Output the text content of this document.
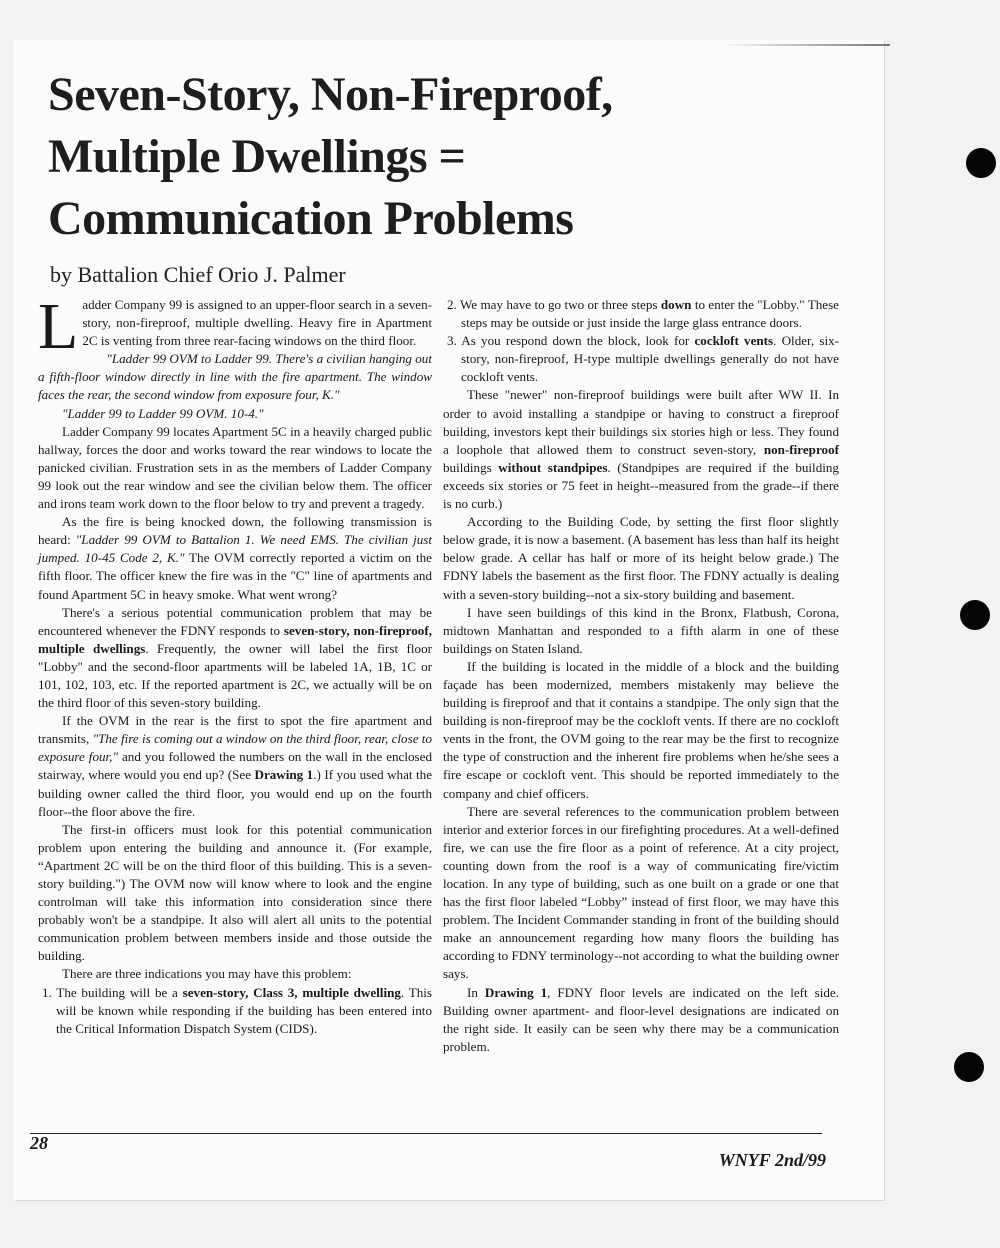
Seven-Story, Non-Fireproof, Multiple Dwellings = Communication Problems
by Battalion Chief Orio J. Palmer

Ladder Company 99 is assigned to an upper-floor search in a seven-story, non-fireproof, multiple dwelling. Heavy fire in Apartment 2C is venting from three rear-facing windows on the third floor.

"Ladder 99 OVM to Ladder 99. There's a civilian hanging out a fifth-floor window directly in line with the fire apartment. The window faces the rear, the second window from exposure four, K."

"Ladder 99 to Ladder 99 OVM. 10-4."

Ladder Company 99 locates Apartment 5C in a heavily charged public hallway, forces the door and works toward the rear windows to locate the panicked civilian. Frustration sets in as the members of Ladder Company 99 look out the rear window and see the civilian below them. The officer and irons team work down to the floor below to try and prevent a tragedy.

As the fire is being knocked down, the following transmission is heard: "Ladder 99 OVM to Battalion 1. We need EMS. The civilian just jumped. 10-45 Code 2, K." The OVM correctly reported a victim on the fifth floor. The officer knew the fire was in the "C" line of apartments and found Apartment 5C in heavy smoke. What went wrong?

There's a serious potential communication problem that may be encountered whenever the FDNY responds to seven-story, non-fireproof, multiple dwellings. Frequently, the owner will label the first floor "Lobby" and the second-floor apartments will be labeled 1A, 1B, 1C or 101, 102, 103, etc. If the reported apartment is 2C, we actually will be on the third floor of this seven-story building.

If the OVM in the rear is the first to spot the fire apartment and transmits, "The fire is coming out a window on the third floor, rear, close to exposure four," and you followed the numbers on the wall in the enclosed stairway, where would you end up? (See Drawing 1.) If you used what the building owner called the third floor, you would end up on the fourth floor--the floor above the fire.

The first-in officers must look for this potential communication problem upon entering the building and announce it. (For example, “Apartment 2C will be on the third floor of this building. This is a seven-story building.") The OVM now will know where to look and the engine controlman will take this information into consideration since there probably won't be a standpipe. It also will alert all units to the potential communication problem between members inside and those outside the building.

There are three indications you may have this problem:

1. The building will be a seven-story, Class 3, multiple dwelling. This will be known while responding if the building has been entered into the Critical Information Dispatch System (CIDS).

2. We may have to go two or three steps down to enter the "Lobby." These steps may be outside or just inside the large glass entrance doors.

3. As you respond down the block, look for cockloft vents. Older, six-story, non-fireproof, H-type multiple dwellings generally do not have cockloft vents.

These "newer" non-fireproof buildings were built after WW II. In order to avoid installing a standpipe or having to construct a fireproof building, investors kept their buildings six stories high or less. They found a loophole that allowed them to construct seven-story, non-fireproof buildings without standpipes. (Standpipes are required if the building exceeds six stories or 75 feet in height--measured from the grade--if there is no curb.)

According to the Building Code, by setting the first floor slightly below grade, it is now a basement. (A basement has less than half its height below grade. A cellar has half or more of its height below grade.) The FDNY labels the basement as the first floor. The FDNY actually is dealing with a seven-story building--not a six-story building and basement.

I have seen buildings of this kind in the Bronx, Flatbush, Corona, midtown Manhattan and responded to a fifth alarm in one of these buildings on Staten Island.

If the building is located in the middle of a block and the building façade has been modernized, members mistakenly may believe the building is fireproof and that it contains a standpipe. The only sign that the building is non-fireproof may be the cockloft vents. If there are no cockloft vents in the front, the OVM going to the rear may be the first to recognize the type of construction and the inherent fire problems when he/she sees a fire escape or cockloft vent. This should be reported immediately to the company and chief officers.

There are several references to the communication problem between interior and exterior forces in our firefighting procedures. At a well-defined fire, we can use the fire floor as a point of reference. At a city project, counting down from the roof is a way of communicating fire/victim location. In any type of building, such as one built on a grade or one that has the first floor labeled “Lobby” instead of first floor, we may have this problem. The Incident Commander standing in front of the building should make an announcement regarding how many floors the building has according to FDNY terminology--not according to what the building owner says.

In Drawing 1, FDNY floor levels are indicated on the left side. Building owner apartment- and floor-level designations are indicated on the right side. It easily can be seen why there may be a communication problem.

28
WNYF 2nd/99
